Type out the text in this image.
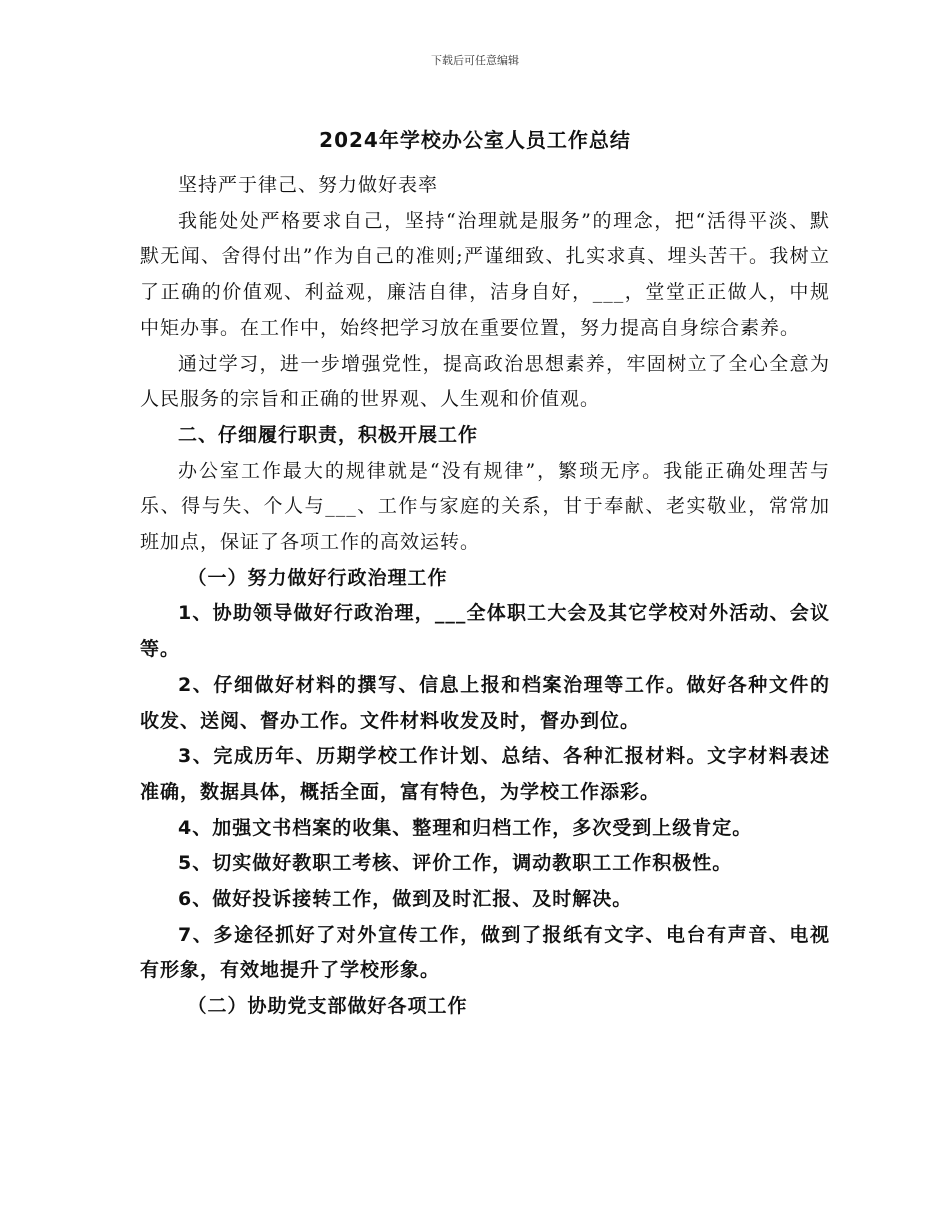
下载后可任意编辑
2024年学校办公室人员工作总结

坚持严于律己、努力做好表率

我能处处严格要求自己，坚持“治理就是服务”的理念，把“活得平淡、默默无闻、舍得付出”作为自己的准则;严谨细致、扎实求真、埋头苦干。我树立了正确的价值观、利益观，廉洁自律，洁身自好，___，堂堂正正做人，中规中矩办事。在工作中，始终把学习放在重要位置，努力提高自身综合素养。

通过学习，进一步增强党性，提高政治思想素养，牢固树立了全心全意为人民服务的宗旨和正确的世界观、人生观和价值观。

二、仔细履行职责，积极开展工作

办公室工作最大的规律就是“没有规律”，繁琐无序。我能正确处理苦与乐、得与失、个人与___、工作与家庭的关系，甘于奉献、老实敬业，常常加班加点，保证了各项工作的高效运转。

（一）努力做好行政治理工作

1、协助领导做好行政治理，___全体职工大会及其它学校对外活动、会议等。

2、仔细做好材料的撰写、信息上报和档案治理等工作。做好各种文件的收发、送阅、督办工作。文件材料收发及时，督办到位。

3、完成历年、历期学校工作计划、总结、各种汇报材料。文字材料表述准确，数据具体，概括全面，富有特色，为学校工作添彩。

4、加强文书档案的收集、整理和归档工作，多次受到上级肯定。

5、切实做好教职工考核、评价工作，调动教职工工作积极性。

6、做好投诉接转工作，做到及时汇报、及时解决。

7、多途径抓好了对外宣传工作，做到了报纸有文字、电台有声音、电视有形象，有效地提升了学校形象。

（二）协助党支部做好各项工作
